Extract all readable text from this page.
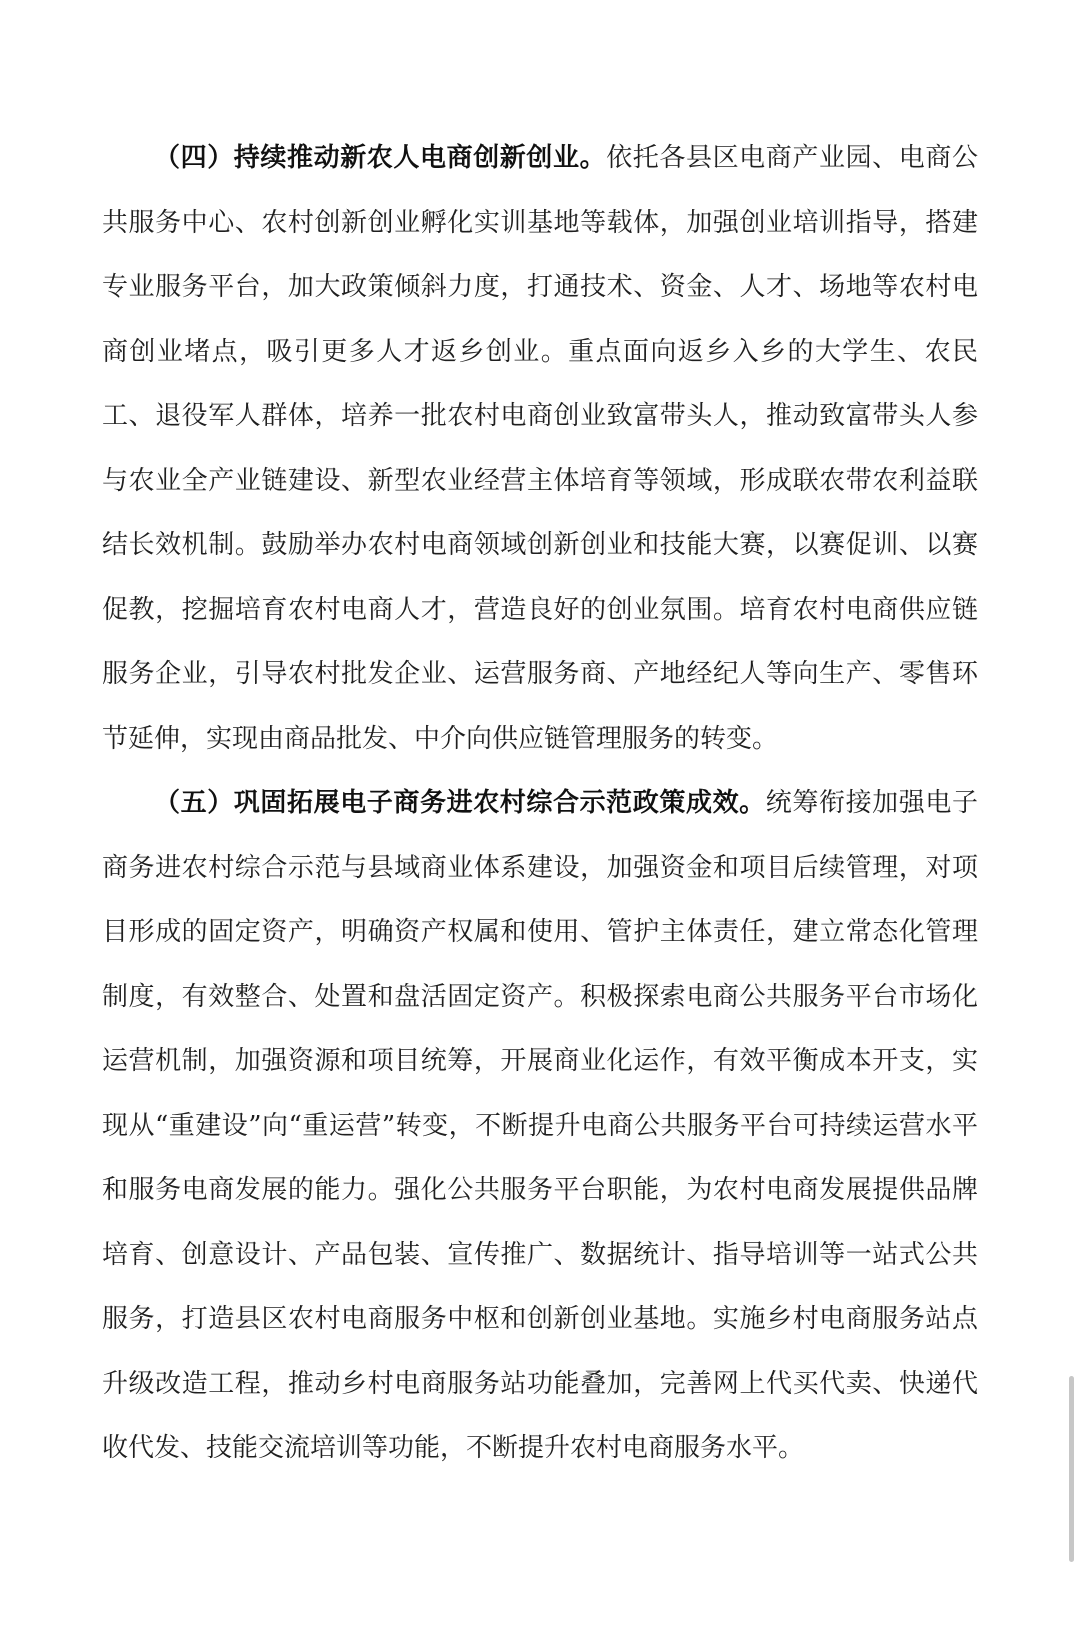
（四）持续推动新农人电商创新创业。依托各县区电商产业园、电商公共服务中心、农村创新创业孵化实训基地等载体，加强创业培训指导，搭建专业服务平台，加大政策倾斜力度，打通技术、资金、人才、场地等农村电商创业堵点，吸引更多人才返乡创业。重点面向返乡入乡的大学生、农民工、退役军人群体，培养一批农村电商创业致富带头人，推动致富带头人参与农业全产业链建设、新型农业经营主体培育等领域，形成联农带农利益联结长效机制。鼓励举办农村电商领域创新创业和技能大赛，以赛促训、以赛促教，挖掘培育农村电商人才，营造良好的创业氛围。培育农村电商供应链服务企业，引导农村批发企业、运营服务商、产地经纪人等向生产、零售环节延伸，实现由商品批发、中介向供应链管理服务的转变。

（五）巩固拓展电子商务进农村综合示范政策成效。统筹衔接加强电子商务进农村综合示范与县域商业体系建设，加强资金和项目后续管理，对项目形成的固定资产，明确资产权属和使用、管护主体责任，建立常态化管理制度，有效整合、处置和盘活固定资产。积极探索电商公共服务平台市场化运营机制，加强资源和项目统筹，开展商业化运作，有效平衡成本开支，实现从“重建设”向“重运营”转变，不断提升电商公共服务平台可持续运营水平和服务电商发展的能力。强化公共服务平台职能，为农村电商发展提供品牌培育、创意设计、产品包装、宣传推广、数据统计、指导培训等一站式公共服务，打造县区农村电商服务中枢和创新创业基地。实施乡村电商服务站点升级改造工程，推动乡村电商服务站功能叠加，完善网上代买代卖、快递代收代发、技能交流培训等功能，不断提升农村电商服务水平。
